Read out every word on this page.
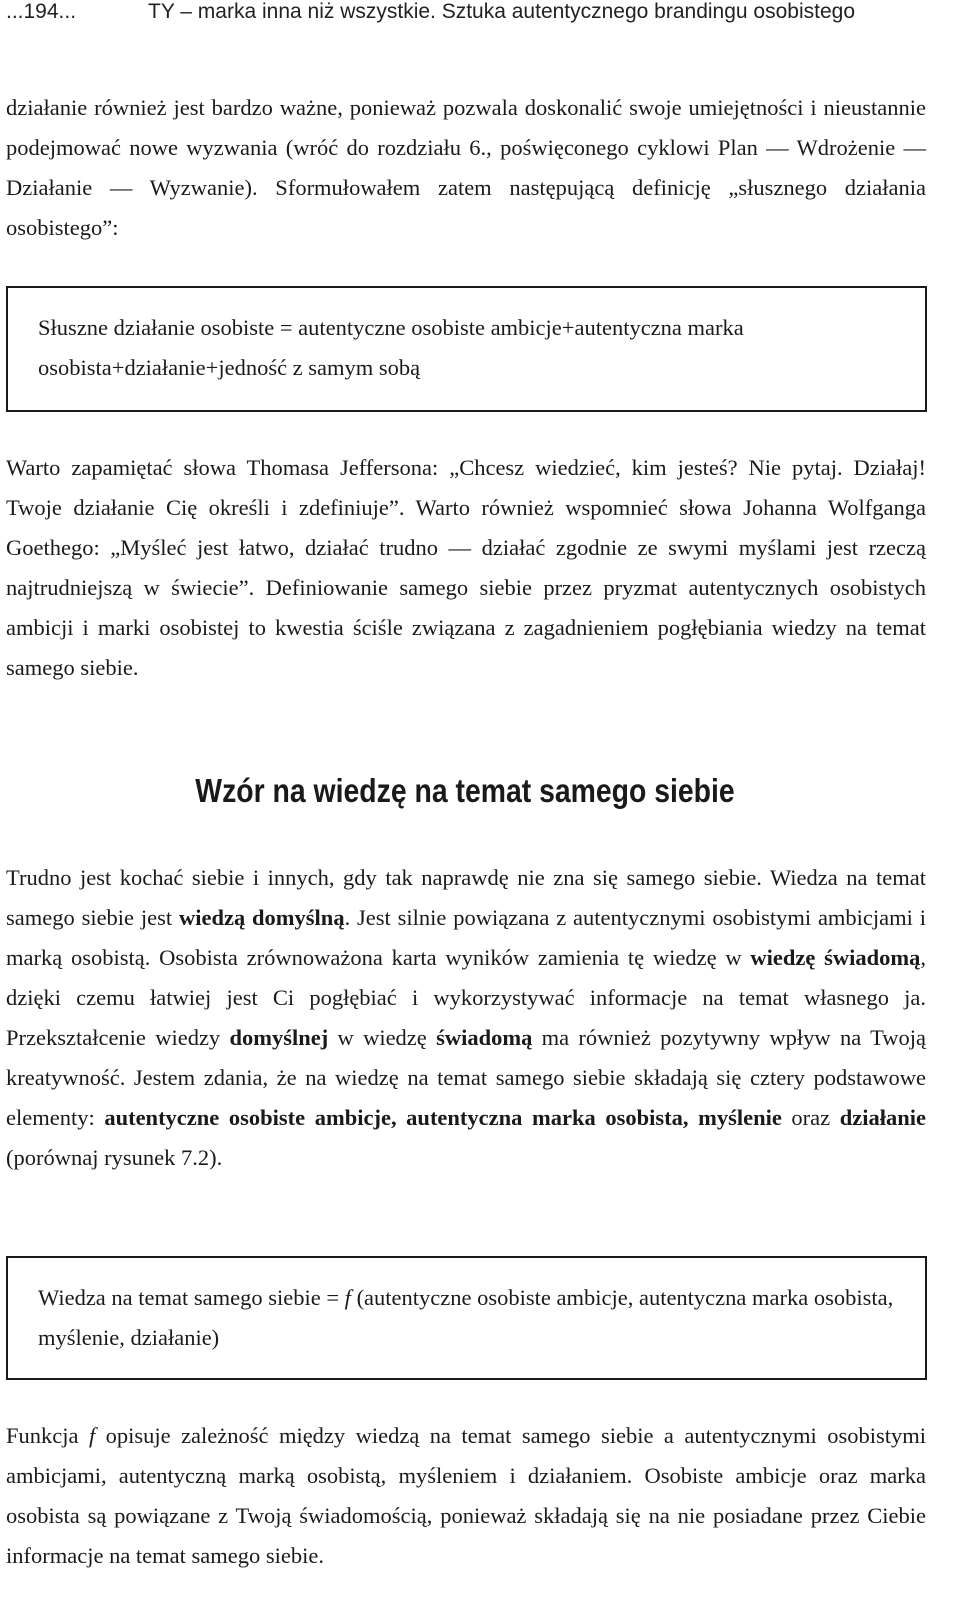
...194...	TY – marka inna niż wszystkie. Sztuka autentycznego brandingu osobistego

działanie również jest bardzo ważne, ponieważ pozwala doskonalić swoje umiejętności i nieustannie podejmować nowe wyzwania (wróć do rozdziału 6., poświęconego cyklowi Plan — Wdrożenie — Działanie — Wyzwanie). Sformułowałem zatem następującą definicję „słusznego działania osobistego”:

Słuszne działanie osobiste = autentyczne osobiste ambicje+autentyczna marka osobista+działanie+jedność z samym sobą

Warto zapamiętać słowa Thomasa Jeffersona: „Chcesz wiedzieć, kim jesteś? Nie pytaj. Działaj! Twoje działanie Cię określi i zdefiniuje”. Warto również wspomnieć słowa Johanna Wolfganga Goethego: „Myśleć jest łatwo, działać trudno — działać zgodnie ze swymi myślami jest rzeczą najtrudniejszą w świecie”. Definiowanie samego siebie przez pryzmat autentycznych osobistych ambicji i marki osobistej to kwestia ściśle związana z zagadnieniem pogłębiania wiedzy na temat samego siebie.

Wzór na wiedzę na temat samego siebie

Trudno jest kochać siebie i innych, gdy tak naprawdę nie zna się samego siebie. Wiedza na temat samego siebie jest wiedzą domyślną. Jest silnie powiązana z autentycznymi osobistymi ambicjami i marką osobistą. Osobista zrównoważona karta wyników zamienia tę wiedzę w wiedzę świadomą, dzięki czemu łatwiej jest Ci pogłębiać i wykorzystywać informacje na temat własnego ja. Przekształcenie wiedzy domyślnej w wiedzę świadomą ma również pozytywny wpływ na Twoją kreatywność. Jestem zdania, że na wiedzę na temat samego siebie składają się cztery podstawowe elementy: autentyczne osobiste ambicje, autentyczna marka osobista, myślenie oraz działanie (porównaj rysunek 7.2).

Wiedza na temat samego siebie = f (autentyczne osobiste ambicje, autentyczna marka osobista, myślenie, działanie)

Funkcja f opisuje zależność między wiedzą na temat samego siebie a autentycznymi osobistymi ambicjami, autentyczną marką osobistą, myśleniem i działaniem. Osobiste ambicje oraz marka osobista są powiązane z Twoją świadomością, ponieważ składają się na nie posiadane przez Ciebie informacje na temat samego siebie.
